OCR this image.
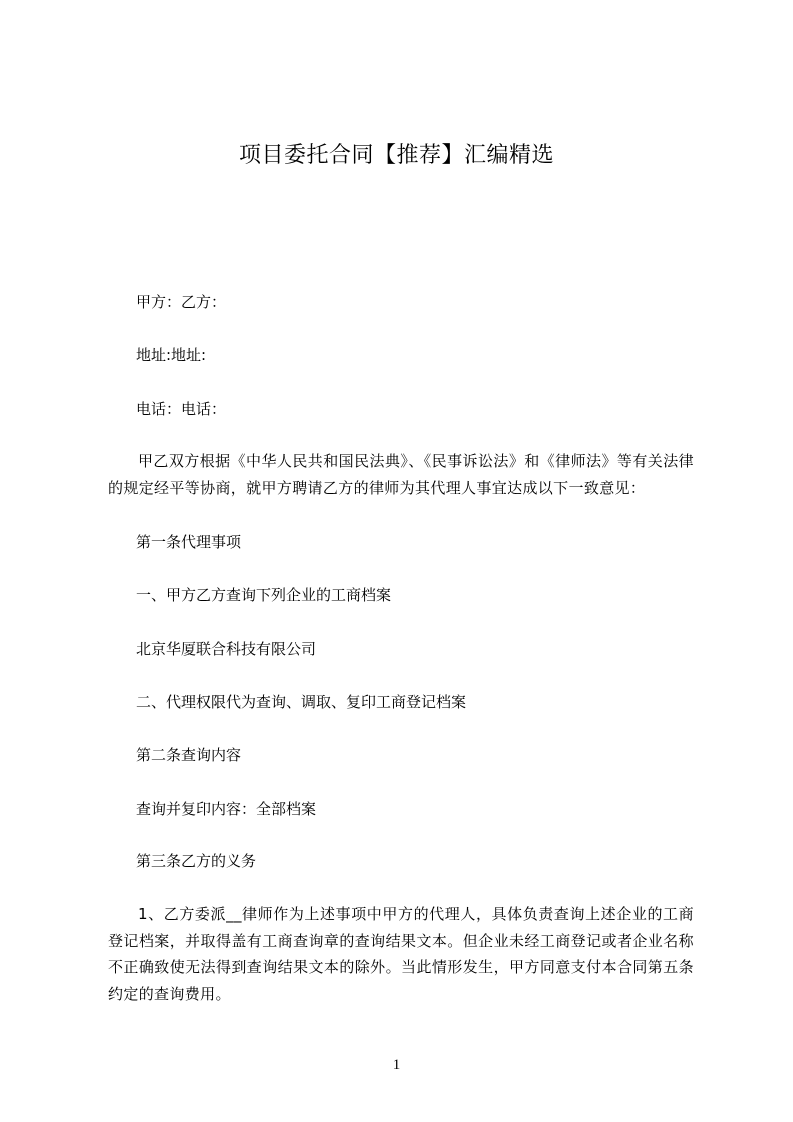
项目委托合同【推荐】汇编精选
甲方：乙方：
地址:地址:
电话：电话：
甲乙双方根据《中华人民共和国民法典》、《民事诉讼法》和《律师法》等有关法律的规定经平等协商，就甲方聘请乙方的律师为其代理人事宜达成以下一致意见：
第一条代理事项
一、甲方乙方查询下列企业的工商档案
北京华厦联合科技有限公司
二、代理权限代为查询、调取、复印工商登记档案
第二条查询内容
查询并复印内容：全部档案
第三条乙方的义务
1、乙方委派__律师作为上述事项中甲方的代理人，具体负责查询上述企业的工商登记档案，并取得盖有工商查询章的查询结果文本。但企业未经工商登记或者企业名称不正确致使无法得到查询结果文本的除外。当此情形发生，甲方同意支付本合同第五条约定的查询费用。
1
